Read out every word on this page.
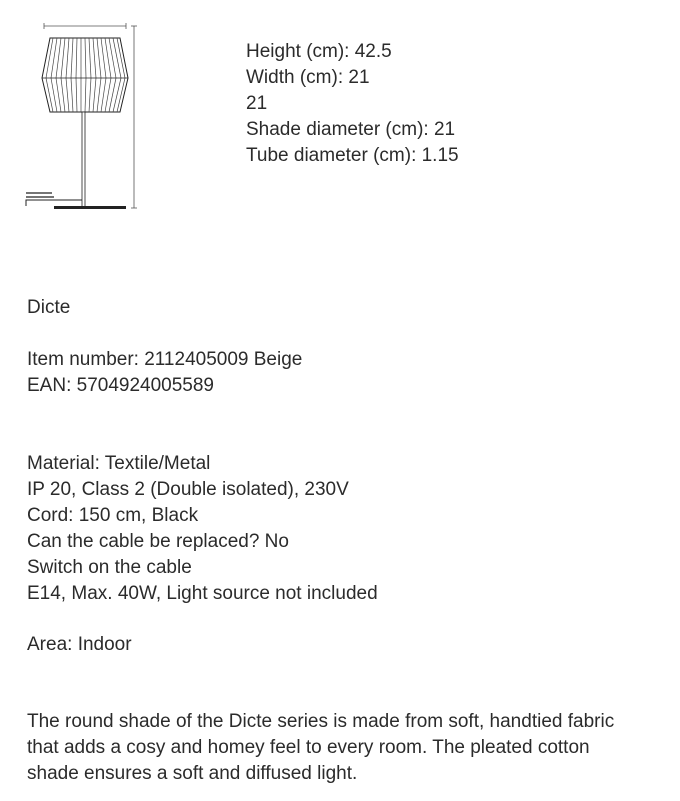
Height (cm): 42.5
Width (cm): 21
21
Shade diameter (cm): 21
Tube diameter (cm): 1.15
Dicte
Item number: 2112405009 Beige
EAN: 5704924005589
Material: Textile/Metal
IP 20, Class 2 (Double isolated), 230V
Cord: 150 cm, Black
Can the cable be replaced? No
Switch on the cable
E14, Max. 40W, Light source not included
Area: Indoor
The round shade of the Dicte series is made from soft, handtied fabric
that adds a cosy and homey feel to every room. The pleated cotton
shade ensures a soft and diffused light.
